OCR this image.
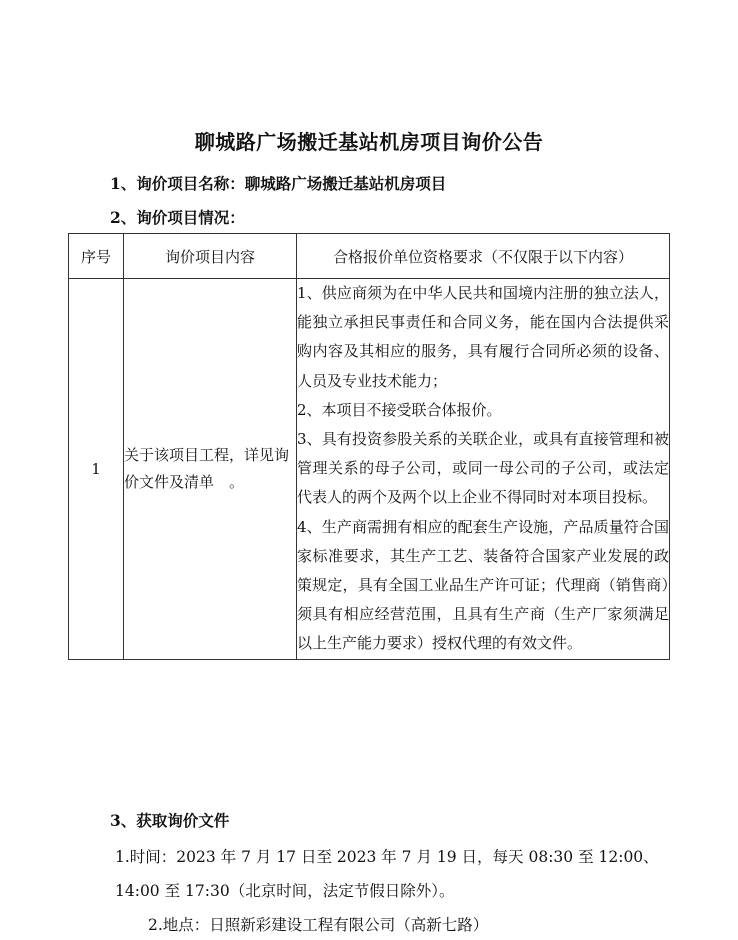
聊城路广场搬迁基站机房项目询价公告
1、询价项目名称：聊城路广场搬迁基站机房项目
2、询价项目情况：
序号	询价项目内容	合格报价单位资格要求（不仅限于以下内容）
1	关于该项目工程，详见询价文件及清单　。	1、供应商须为在中华人民共和国境内注册的独立法人，能独立承担民事责任和合同义务，能在国内合法提供采购内容及其相应的服务，具有履行合同所必须的设备、人员及专业技术能力；

2、本项目不接受联合体报价。

3、具有投资参股关系的关联企业，或具有直接管理和被管理关系的母子公司，或同一母公司的子公司，或法定代表人的两个及两个以上企业不得同时对本项目投标。

4、生产商需拥有相应的配套生产设施，产品质量符合国家标准要求，其生产工艺、装备符合国家产业发展的政策规定，具有全国工业品生产许可证；代理商（销售商）须具有相应经营范围，且具有生产商（生产厂家须满足以上生产能力要求）授权代理的有效文件。

3、获取询价文件
1.时间：2023 年 7 月 17 日至 2023 年 7 月 19 日，每天 08:30 至 12:00、
14:00 至 17:30（北京时间，法定节假日除外）。
2.地点：日照新彩建设工程有限公司（高新七路）
